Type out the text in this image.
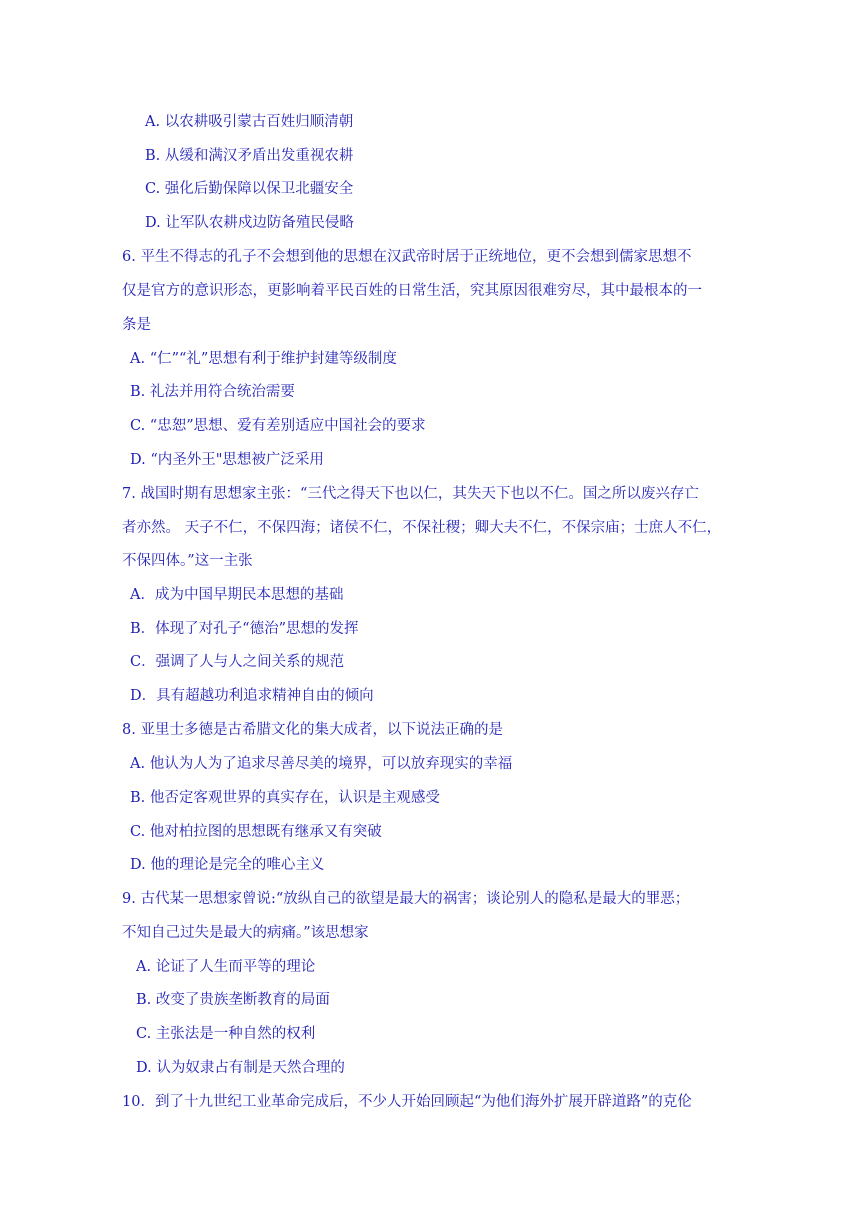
A. 以农耕吸引蒙古百姓归顺清朝
B. 从缓和满汉矛盾出发重视农耕
C. 强化后勤保障以保卫北疆安全
D. 让军队农耕戍边防备殖民侵略
6. 平生不得志的孔子不会想到他的思想在汉武帝时居于正统地位，更不会想到儒家思想不
仅是官方的意识形态，更影响着平民百姓的日常生活，究其原因很难穷尽，其中最根本的一
条是
A. “仁”“礼”思想有利于维护封建等级制度
B. 礼法并用符合统治需要
C. “忠恕”思想、爱有差别适应中国社会的要求
D. “内圣外王"思想被广泛采用
7. 战国时期有思想家主张：“三代之得天下也以仁，其失天下也以不仁。国之所以废兴存亡
者亦然。 天子不仁，不保四海；诸侯不仁，不保社稷；卿大夫不仁，不保宗庙；士庶人不仁，
不保四体。”这一主张
A．成为中国早期民本思想的基础
B．体现了对孔子“德治”思想的发挥
C．强调了人与人之间关系的规范
D．具有超越功利追求精神自由的倾向
8. 亚里士多德是古希腊文化的集大成者，以下说法正确的是
A. 他认为人为了追求尽善尽美的境界，可以放弃现实的幸福
B. 他否定客观世界的真实存在，认识是主观感受
C. 他对柏拉图的思想既有继承又有突破
D. 他的理论是完全的唯心主义
9. 古代某一思想家曾说:“放纵自己的欲望是最大的祸害；谈论别人的隐私是最大的罪恶；
不知自己过失是最大的病痛。”该思想家
A. 论证了人生而平等的理论
B. 改变了贵族垄断教育的局面
C. 主张法是一种自然的权利
D. 认为奴隶占有制是天然合理的
10．到了十九世纪工业革命完成后，不少人开始回顾起“为他们海外扩展开辟道路”的克伦
